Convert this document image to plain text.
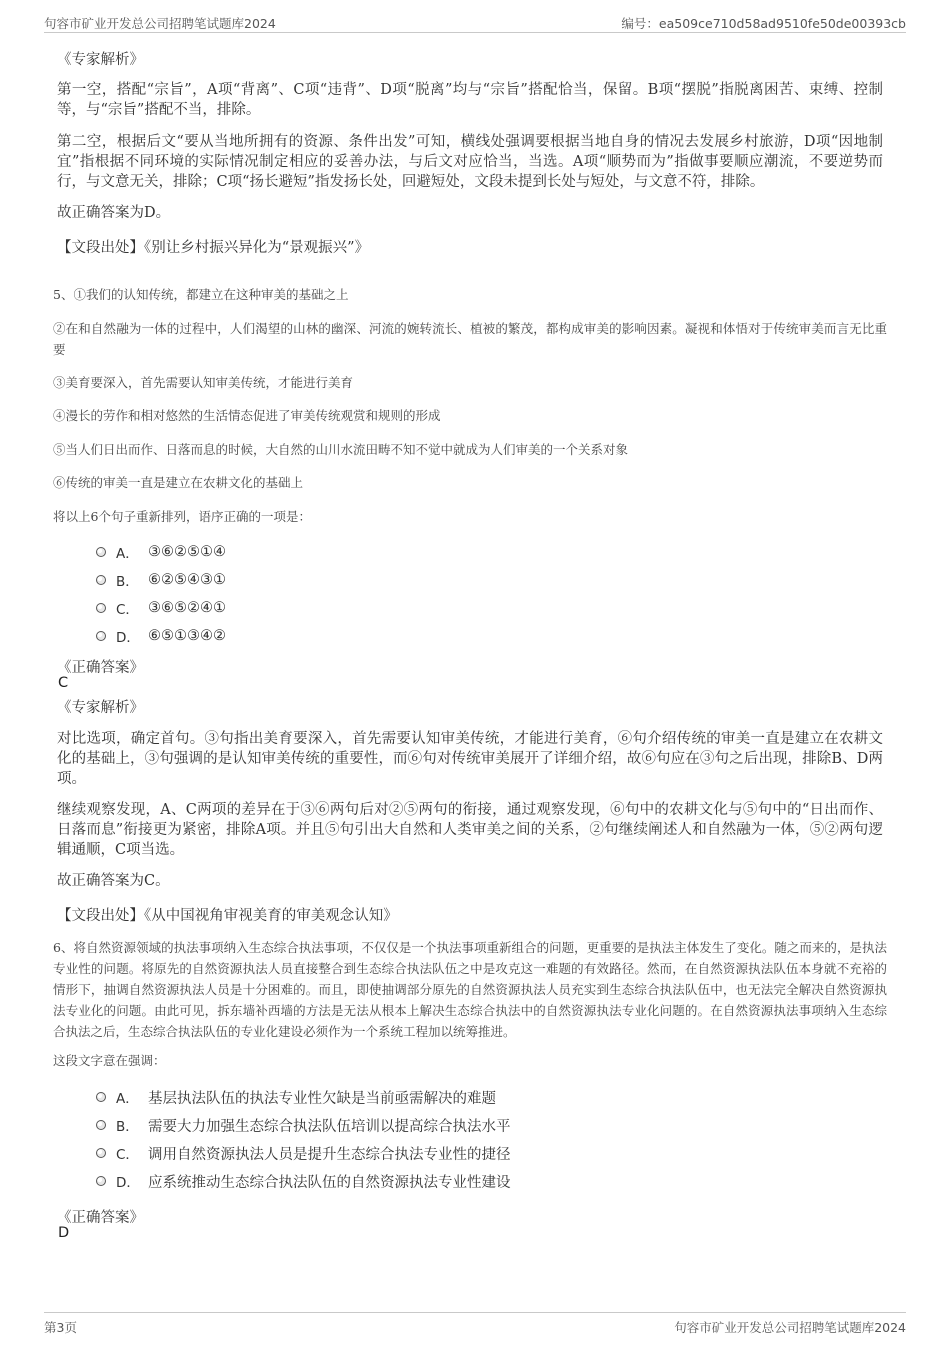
句容市矿业开发总公司招聘笔试题库2024	编号：ea509ce710d58ad9510fe50de00393cb
《专家解析》

第一空，搭配“宗旨”，A项“背离”、C项“违背”、D项“脱离”均与“宗旨”搭配恰当，保留。B项“摆脱”指脱离困苦、束缚、控制等，与“宗旨”搭配不当，排除。

第二空，根据后文“要从当地所拥有的资源、条件出发”可知，横线处强调要根据当地自身的情况去发展乡村旅游，D项“因地制宜”指根据不同环境的实际情况制定相应的妥善办法，与后文对应恰当，当选。A项“顺势而为”指做事要顺应潮流，不要逆势而行，与文意无关，排除；C项“扬长避短”指发扬长处，回避短处，文段未提到长处与短处，与文意不符，排除。

故正确答案为D。
【文段出处】《别让乡村振兴异化为“景观振兴”》

5、①我们的认知传统，都建立在这种审美的基础之上

②在和自然融为一体的过程中，人们渴望的山林的幽深、河流的婉转流长、植被的繁茂，都构成审美的影响因素。凝视和体悟对于传统审美而言无比重要

③美育要深入，首先需要认知审美传统，才能进行美育

④漫长的劳作和相对悠然的生活情态促进了审美传统观赏和规则的形成

⑤当人们日出而作、日落而息的时候，大自然的山川水流田畴不知不觉中就成为人们审美的一个关系对象

⑥传统的审美一直是建立在农耕文化的基础上

将以上6个句子重新排列，语序正确的一项是：

A． ③⑥②⑤①④
B． ⑥②⑤④③①
C． ③⑥⑤②④①
D． ⑥⑤①③④②
《正确答案》
C
《专家解析》

对比选项，确定首句。③句指出美育要深入，首先需要认知审美传统，才能进行美育，⑥句介绍传统的审美一直是建立在农耕文化的基础上，③句强调的是认知审美传统的重要性，而⑥句对传统审美展开了详细介绍，故⑥句应在③句之后出现，排除B、D两项。

继续观察发现，A、C两项的差异在于③⑥两句后对②⑤两句的衔接，通过观察发现，⑥句中的农耕文化与⑤句中的“日出而作、日落而息”衔接更为紧密，排除A项。并且⑤句引出大自然和人类审美之间的关系，②句继续阐述人和自然融为一体，⑤②两句逻辑通顺，C项当选。

故正确答案为C。
【文段出处】《从中国视角审视美育的审美观念认知》

6、将自然资源领域的执法事项纳入生态综合执法事项，不仅仅是一个执法事项重新组合的问题，更重要的是执法主体发生了变化。随之而来的，是执法专业性的问题。将原先的自然资源执法人员直接整合到生态综合执法队伍之中是攻克这一难题的有效路径。然而，在自然资源执法队伍本身就不充裕的情形下，抽调自然资源执法人员是十分困难的。而且，即使抽调部分原先的自然资源执法人员充实到生态综合执法队伍中，也无法完全解决自然资源执法专业化的问题。由此可见，拆东墙补西墙的方法是无法从根本上解决生态综合执法中的自然资源执法专业化问题的。在自然资源执法事项纳入生态综合执法之后，生态综合执法队伍的专业化建设必须作为一个系统工程加以统筹推进。

这段文字意在强调：

A． 基层执法队伍的执法专业性欠缺是当前亟需解决的难题
B． 需要大力加强生态综合执法队伍培训以提高综合执法水平
C． 调用自然资源执法人员是提升生态综合执法专业性的捷径
D． 应系统推动生态综合执法队伍的自然资源执法专业性建设
《正确答案》
D
第3页	句容市矿业开发总公司招聘笔试题库2024
